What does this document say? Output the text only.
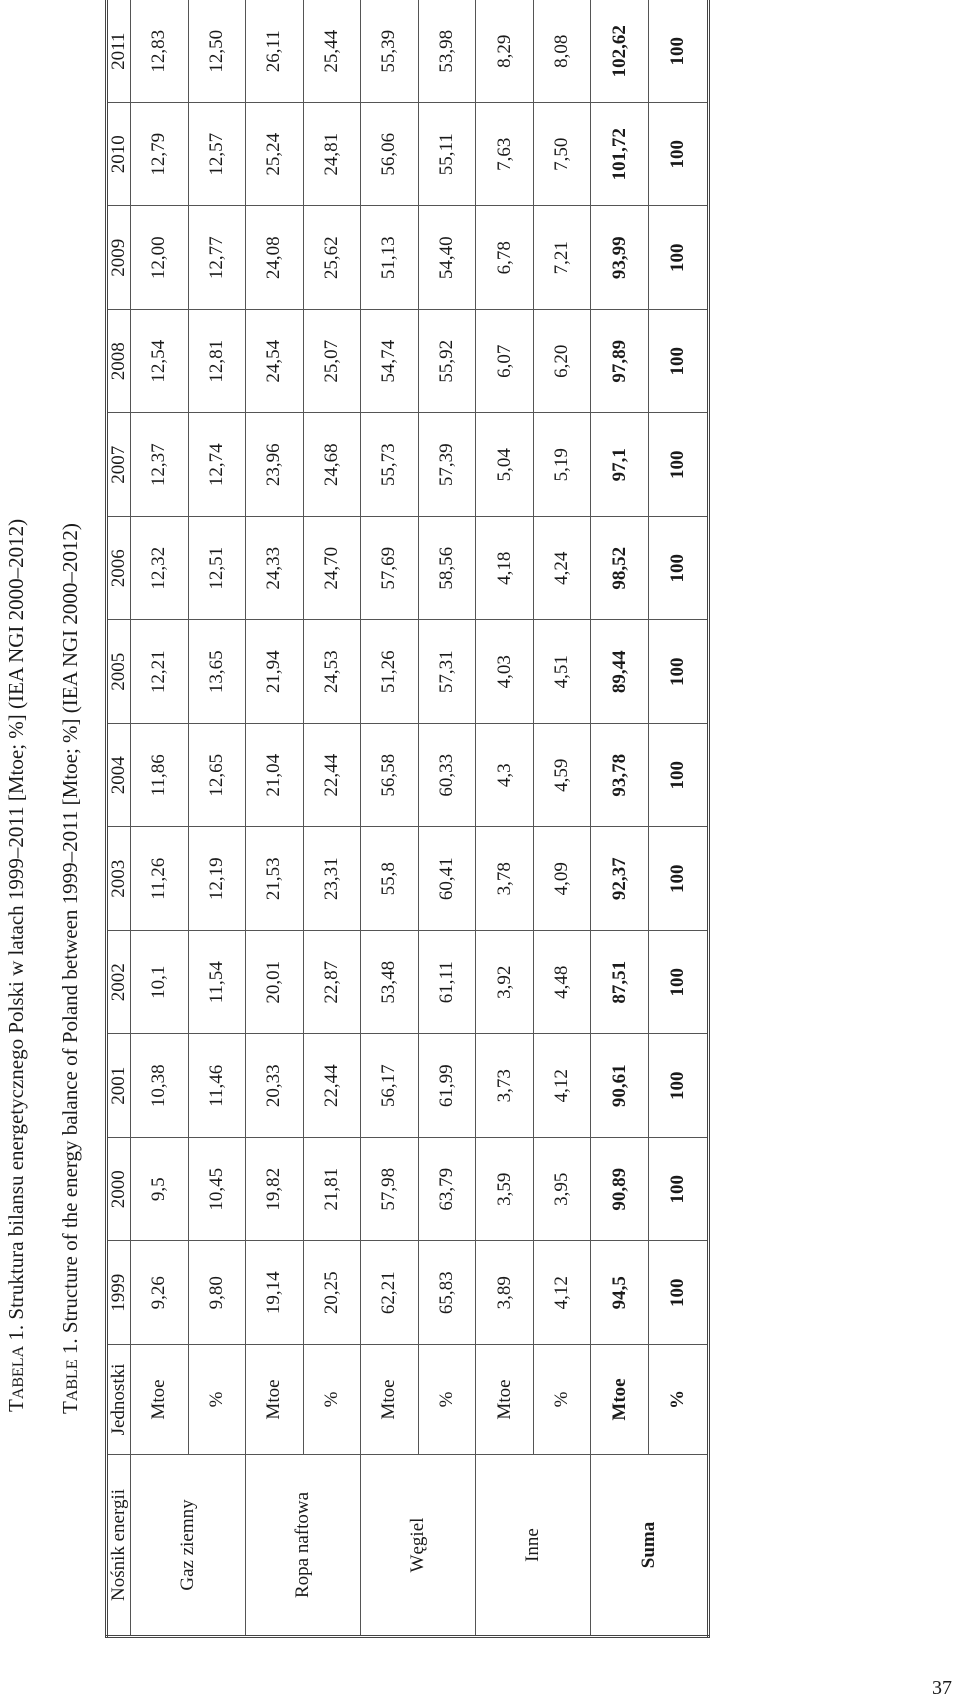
TABELA 1. Struktura bilansu energetycznego Polski w latach 1999–2011 [Mtoe; %] (IEA NGI 2000–2012)
TABLE 1. Structure of the energy balance of Poland between 1999–2011 [Mtoe; %] (IEA NGI 2000–2012)
Nośnik energii	Jednostki	1999	2000	2001	2002	2003	2004	2005	2006	2007	2008	2009	2010	2011
Gaz ziemny	Mtoe	9,26	9,5	10,38	10,1	11,26	11,86	12,21	12,32	12,37	12,54	12,00	12,79	12,83
	%	9,80	10,45	11,46	11,54	12,19	12,65	13,65	12,51	12,74	12,81	12,77	12,57	12,50
Ropa naftowa	Mtoe	19,14	19,82	20,33	20,01	21,53	21,04	21,94	24,33	23,96	24,54	24,08	25,24	26,11
	%	20,25	21,81	22,44	22,87	23,31	22,44	24,53	24,70	24,68	25,07	25,62	24,81	25,44
Węgiel	Mtoe	62,21	57,98	56,17	53,48	55,8	56,58	51,26	57,69	55,73	54,74	51,13	56,06	55,39
	%	65,83	63,79	61,99	61,11	60,41	60,33	57,31	58,56	57,39	55,92	54,40	55,11	53,98
Inne	Mtoe	3,89	3,59	3,73	3,92	3,78	4,3	4,03	4,18	5,04	6,07	6,78	7,63	8,29
	%	4,12	3,95	4,12	4,48	4,09	4,59	4,51	4,24	5,19	6,20	7,21	7,50	8,08
Suma	Mtoe	94,5	90,89	90,61	87,51	92,37	93,78	89,44	98,52	97,1	97,89	93,99	101,72	102,62
	%	100	100	100	100	100	100	100	100	100	100	100	100	100
37
